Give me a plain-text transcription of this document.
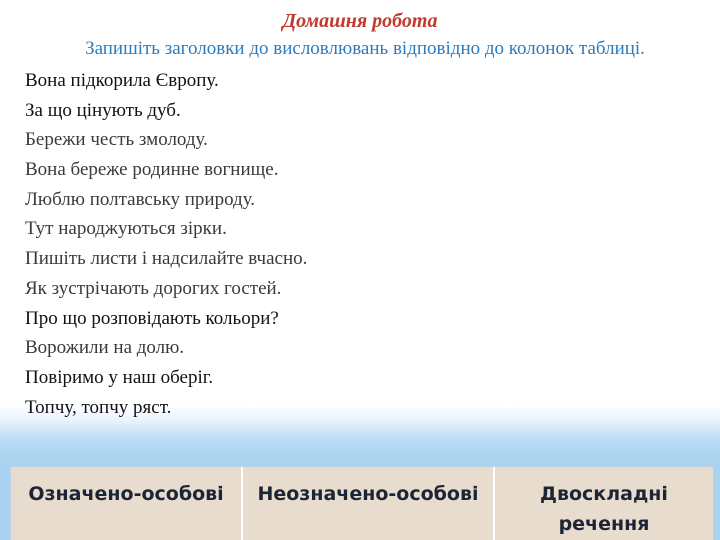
Домашня робота
Запишіть заголовки до висловлювань відповідно до колонок таблиці.
Вона підкорила Європу.
За що цінують дуб.
Бережи честь змолоду.
Вона береже родинне вогнище.
Люблю полтавську природу.
Тут народжуються зірки.
Пишіть листи і надсилайте вчасно.
Як зустрічають дорогих гостей.
Про що розповідають кольори?
Ворожили на долю.
Повіримо у наш оберіг.
Топчу, топчу ряст.
Означено-особові	Неозначено-особові	Двоскладні речення
